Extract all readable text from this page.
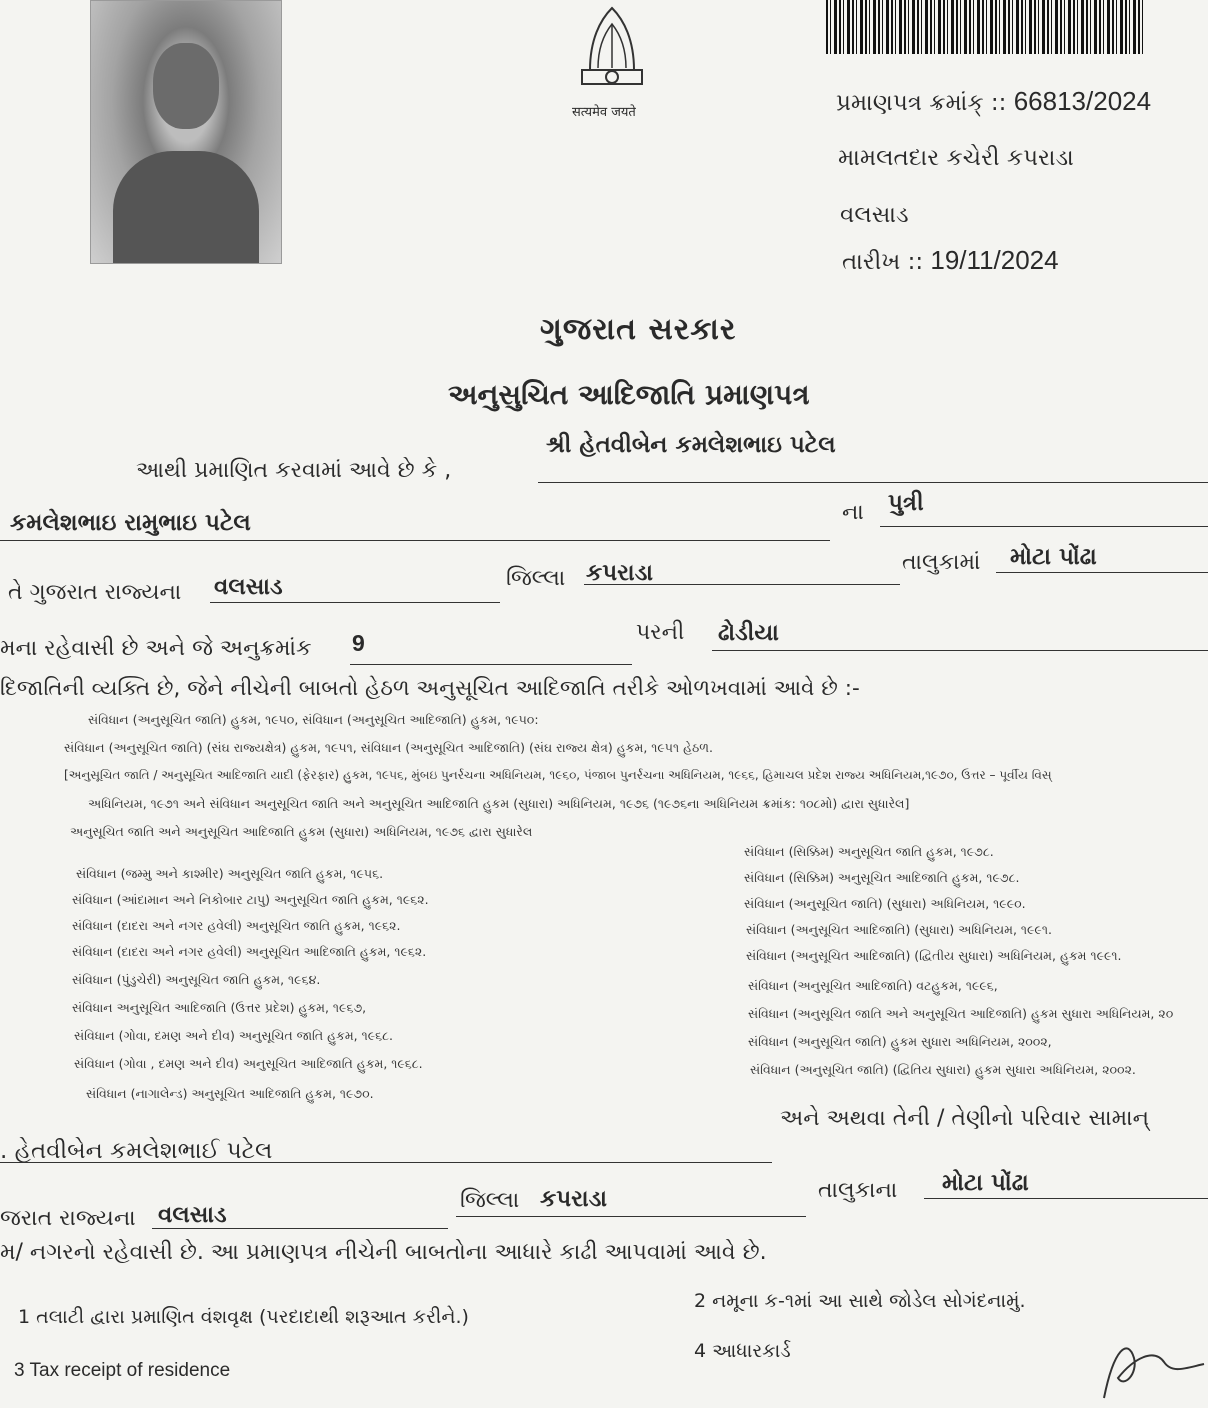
सत्यमेव जयते	પ્રમાણપત્ર ક્રમાંક્ :: 66813/2024
મામલતદાર કચેરી કપરાડા
વલસાડ
તારીખ :: 19/11/2024
ગુજરાત સરકાર
અનુસુચિત આદિજાતિ પ્રમાણપત્ર
આથી પ્રમાણિત કરવામાં આવે છે કે ,
શ્રી હેતવીબેન કમલેશભાઇ પટેલ
કમલેશભાઇ રામુભાઇ પટેલ	ના પુત્રી
તે ગુજરાત રાજ્યના વલસાડ	જિલ્લા કપરાડા	તાલુકામાં મોટા પોંઢા
મના રહેવાસી છે અને જે અનુક્રમાંક 9	પરની ઢોડીયા
દિજાતિની વ્યક્તિ છે, જેને નીચેની બાબતો હેઠળ અનુસૂચિત આદિજાતિ તરીકે ઓળખવામાં આવે છે :-
સંવિધાન (અનુસૂચિત જાતિ) હુકમ, ૧૯૫૦, સંવિધાન (અનુસૂચિત આદિજાતિ) હુકમ, ૧૯૫૦:
સંવિધાન (અનુસૂચિત જાતિ) (સંઘ રાજ્યક્ષેત્ર) હુકમ, ૧૯૫૧, સંવિધાન (અનુસૂચિત આદિજાતિ) (સંઘ રાજ્ય ક્ષેત્ર) હુકમ, ૧૯૫૧ હેઠળ.
[અનુસૂચિત જાતિ / અનુસૂચિત આદિજાતિ યાદી (ફેરફાર) હુકમ, ૧૯૫૬, મુંબઇ પુનર્રચના અધિનિયમ, ૧૯૬૦, પંજાબ પુનર્રચના અધિનિયમ, ૧૯૬૬, હિમાચલ પ્રદેશ રાજ્ય અધિનિયમ,૧૯૭૦, ઉત્તર – પૂર્વીય વિસ્
અધિનિયમ, ૧૯૭૧ અને સંવિધાન અનુસૂચિત જાતિ અને અનુસૂચિત આદિજાતિ હુકમ (સુધારા) અધિનિયમ, ૧૯૭૬ (૧૯૭૬ના અધિનિયમ ક્રમાંક: ૧૦૮મો) દ્વારા સુધારેલ]
અનુસૂચિત જાતિ અને અનુસૂચિત આદિજાતિ હુકમ (સુધારા) અધિનિયમ, ૧૯૭૬ દ્વારા સુધારેલ
સંવિધાન (જમ્મુ અને કાશ્મીર) અનુસૂચિત જાતિ હુકમ, ૧૯૫૬.
સંવિધાન (આંદામાન અને નિકોબાર ટાપુ) અનુસૂચિત જાતિ હુકમ, ૧૯૬૨.
સંવિધાન (દાદરા અને નગર હવેલી) અનુસૂચિત જાતિ હુકમ, ૧૯૬૨.
સંવિધાન (દાદરા અને નગર હવેલી) અનુસૂચિત આદિજાતિ હુકમ, ૧૯૬૨.
સંવિધાન (પુંડુચેરી) અનુસૂચિત જાતિ હુકમ, ૧૯૬૪.
સંવિધાન અનુસૂચિત આદિજાતિ (ઉત્તર પ્રદેશ) હુકમ, ૧૯૬૭,
સંવિધાન (ગોવા, દમણ અને દીવ) અનુસૂચિત જાતિ હુકમ, ૧૯૬૮.
સંવિધાન (ગોવા , દમણ અને દીવ) અનુસૂચિત આદિજાતિ હુકમ, ૧૯૬૮.
સંવિધાન (નાગાલેન્ડ) અનુસૂચિત આદિજાતિ હુકમ, ૧૯૭૦.
સંવિધાન (સિક્કિમ) અનુસૂચિત જાતિ હુકમ, ૧૯૭૮.
સંવિધાન (સિક્કિમ) અનુસૂચિત આદિજાતિ હુકમ, ૧૯૭૮.
સંવિધાન (અનુસૂચિત જાતિ) (સુધારા) અધિનિયમ, ૧૯૯૦.
સંવિધાન (અનુસૂચિત આદિજાતિ) (સુધારા) અધિનિયમ, ૧૯૯૧.
સંવિધાન (અનુસૂચિત આદિજાતિ) (દ્વિતીય સુધારા) અધિનિયમ, હુકમ ૧૯૯૧.
સંવિધાન (અનુસૂચિત આદિજાતિ) વટહુકમ, ૧૯૯૬,
સંવિધાન (અનુસૂચિત જાતિ અને અનુસૂચિત આદિજાતિ) હુકમ સુધારા અધિનિયમ, ૨૦
સંવિધાન (અનુસૂચિત જાતિ) હુકમ સુધારા અધિનિયમ, ૨૦૦૨,
સંવિધાન (અનુસૂચિત જાતિ) (દ્વિતિય સુધારા) હુકમ સુધારા અધિનિયમ, ૨૦૦૨.
અને અથવા તેની / તેણીનો પરિવાર સામાન્
. હેતવીબેન કમલેશભાઈ પટેલ
જરાત રાજ્યના વલસાડ
જિલ્લા કપરાડા	તાલુકાના મોટા પોંઢા
મ/ નગરનો રહેવાસી છે. આ પ્રમાણપત્ર નીચેની બાબતોના આધારે કાઢી આપવામાં આવે છે.
1 તલાટી દ્વારા પ્રમાણિત વંશવૃક્ષ (પરદાદાથી શરૂઆત કરીને.)
2 નમૂના ક-૧માં આ સાથે જોડેલ સોગંદનામું.
3 Tax receipt of residence
4 આધારકાર્ડ
